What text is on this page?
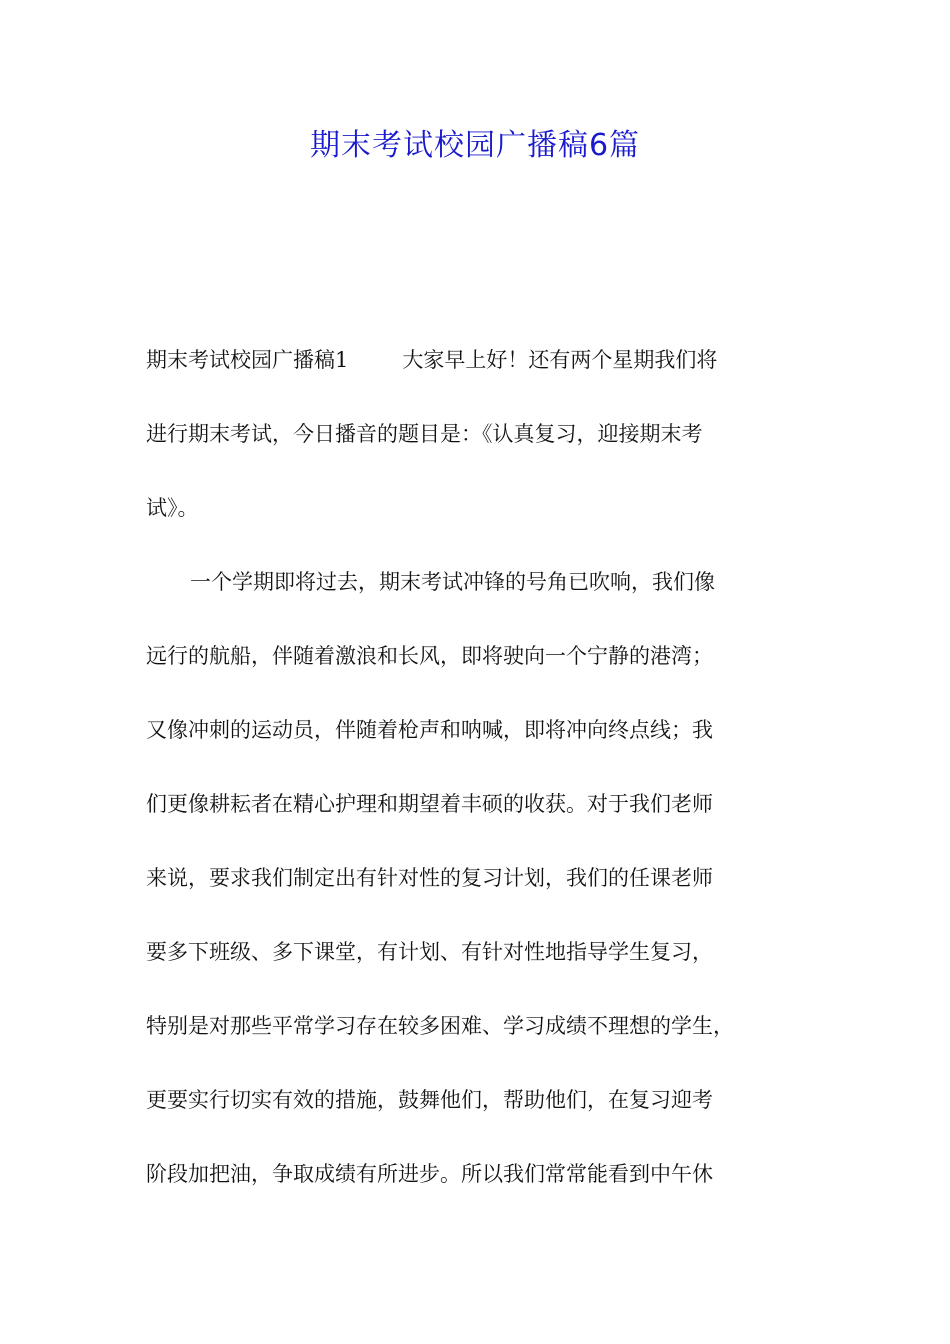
期末考试校园广播稿6篇
期末考试校园广播稿1	大家早上好！还有两个星期我们将
进行期末考试，今日播音的题目是：《认真复习，迎接期末考
试》。
一个学期即将过去，期末考试冲锋的号角已吹响，我们像
远行的航船，伴随着激浪和长风，即将驶向一个宁静的港湾；
又像冲刺的运动员，伴随着枪声和呐喊，即将冲向终点线；我
们更像耕耘者在精心护理和期望着丰硕的收获。对于我们老师
来说，要求我们制定出有针对性的复习计划，我们的任课老师
要多下班级、多下课堂，有计划、有针对性地指导学生复习，
特别是对那些平常学习存在较多困难、学习成绩不理想的学生，
更要实行切实有效的措施，鼓舞他们，帮助他们，在复习迎考
阶段加把油，争取成绩有所进步。所以我们常常能看到中午休
